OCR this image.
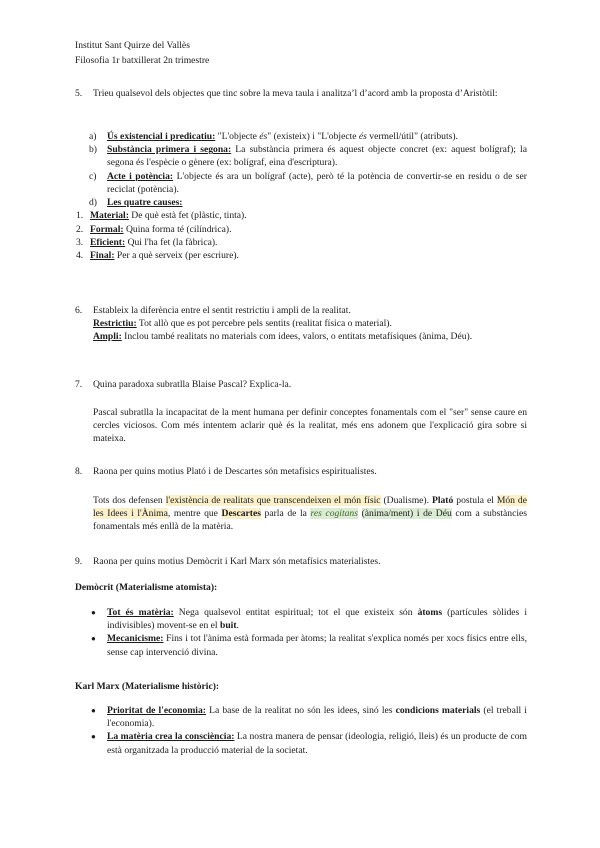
Institut Sant Quirze del Vallès
Filosofia 1r batxillerat 2n trimestre
5. Trieu qualsevol dels objectes que tinc sobre la meva taula i analitza’l d’acord amb la proposta d’Aristòtil:

a) Ús existencial i predicatiu: "L'objecte és" (existeix) i "L'objecte és vermell/útil" (atributs).
b) Substància primera i segona: La substància primera és aquest objecte concret (ex: aquest bolígraf); la segona és l'espècie o gènere (ex: bolígraf, eina d'escriptura).
c) Acte i potència: L'objecte és ara un bolígraf (acte), però té la potència de convertir-se en residu o de ser reciclat (potència).
d) Les quatre causes:
1. Material: De què està fet (plàstic, tinta).
2. Formal: Quina forma té (cilíndrica).
3. Eficient: Qui l'ha fet (la fàbrica).
4. Final: Per a què serveix (per escriure).
6. Estableix la diferència entre el sentit restrictiu i ampli de la realitat.

Restrictiu: Tot allò que es pot percebre pels sentits (realitat física o material).

Ampli: Inclou també realitats no materials com idees, valors, o entitats metafísiques (ànima, Déu).

7. Quina paradoxa subratlla Blaise Pascal? Explica-la.

Pascal subratlla la incapacitat de la ment humana per definir conceptes fonamentals com el "ser" sense caure en cercles viciosos. Com més intentem aclarir què és la realitat, més ens adonem que l'explicació gira sobre si mateixa.

8. Raona per quins motius Plató i de Descartes són metafísics espiritualistes.

Tots dos defensen l'existència de realitats que transcendeixen el món físic (Dualisme). Plató postula el Món de les Idees i l'Ànima, mentre que Descartes parla de la res cogitans (ànima/ment) i de Déu com a substàncies fonamentals més enllà de la matèria.

9. Raona per quins motius Demòcrit i Karl Marx són metafísics materialistes.

Demòcrit (Materialisme atomista):

● Tot és matèria: Nega qualsevol entitat espiritual; tot el que existeix són àtoms (partícules sòlides i indivisibles) movent-se en el buit.
● Mecanicisme: Fins i tot l'ànima està formada per àtoms; la realitat s'explica només per xocs físics entre ells, sense cap intervenció divina.

Karl Marx (Materialisme històric):

● Prioritat de l'economia: La base de la realitat no són les idees, sinó les condicions materials (el treball i l'economia).
● La matèria crea la consciència: La nostra manera de pensar (ideologia, religió, lleis) és un producte de com està organitzada la producció material de la societat.
